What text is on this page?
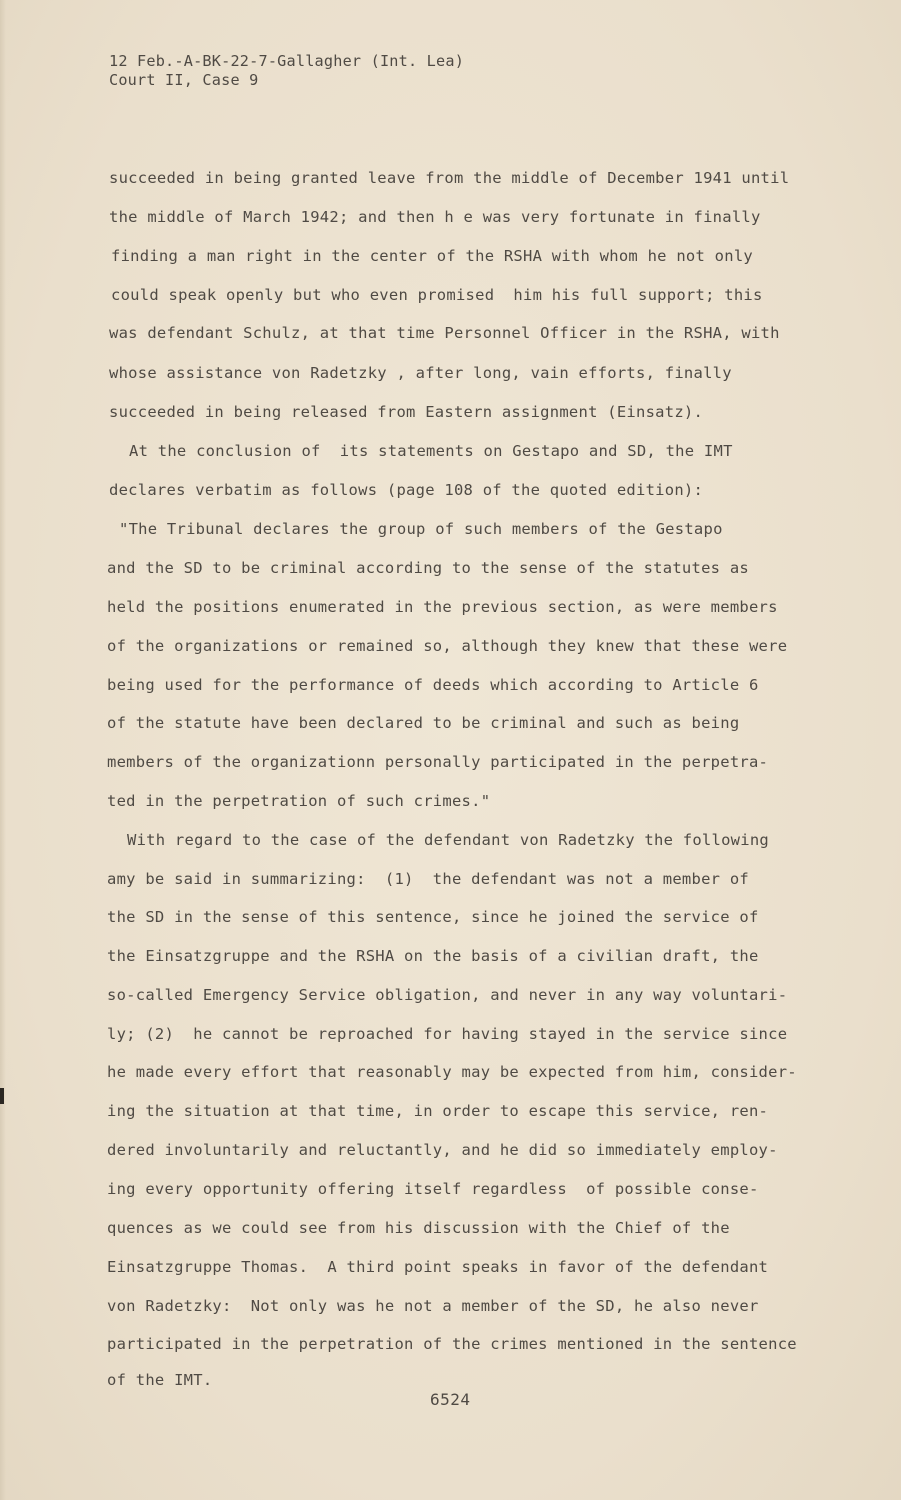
12 Feb.-A-BK-22-7-Gallagher (Int. Lea)
Court II, Case 9
succeeded in being granted leave from the middle of December 1941 until
the middle of March 1942; and then h e was very fortunate in finally
finding a man right in the center of the RSHA with whom he not only
could speak openly but who even promised  him his full support; this
was defendant Schulz, at that time Personnel Officer in the RSHA, with
whose assistance von Radetzky , after long, vain efforts, finally
succeeded in being released from Eastern assignment (Einsatz).
At the conclusion of  its statements on Gestapo and SD, the IMT
declares verbatim as follows (page 108 of the quoted edition):
"The Tribunal declares the group of such members of the Gestapo
and the SD to be criminal according to the sense of the statutes as
held the positions enumerated in the previous section, as were members
of the organizations or remained so, although they knew that these were
being used for the performance of deeds which according to Article 6
of the statute have been declared to be criminal and such as being
members of the organizationn personally participated in the perpetra-
ted in the perpetration of such crimes."
With regard to the case of the defendant von Radetzky the following
amy be said in summarizing:  (1)  the defendant was not a member of
the SD in the sense of this sentence, since he joined the service of
the Einsatzgruppe and the RSHA on the basis of a civilian draft, the
so-called Emergency Service obligation, and never in any way voluntari-
ly; (2)  he cannot be reproached for having stayed in the service since
he made every effort that reasonably may be expected from him, consider-
ing the situation at that time, in order to escape this service, ren-
dered involuntarily and reluctantly, and he did so immediately employ-
ing every opportunity offering itself regardless  of possible conse-
quences as we could see from his discussion with the Chief of the
Einsatzgruppe Thomas.  A third point speaks in favor of the defendant
von Radetzky:  Not only was he not a member of the SD, he also never
participated in the perpetration of the crimes mentioned in the sentence
of the IMT.
6524
